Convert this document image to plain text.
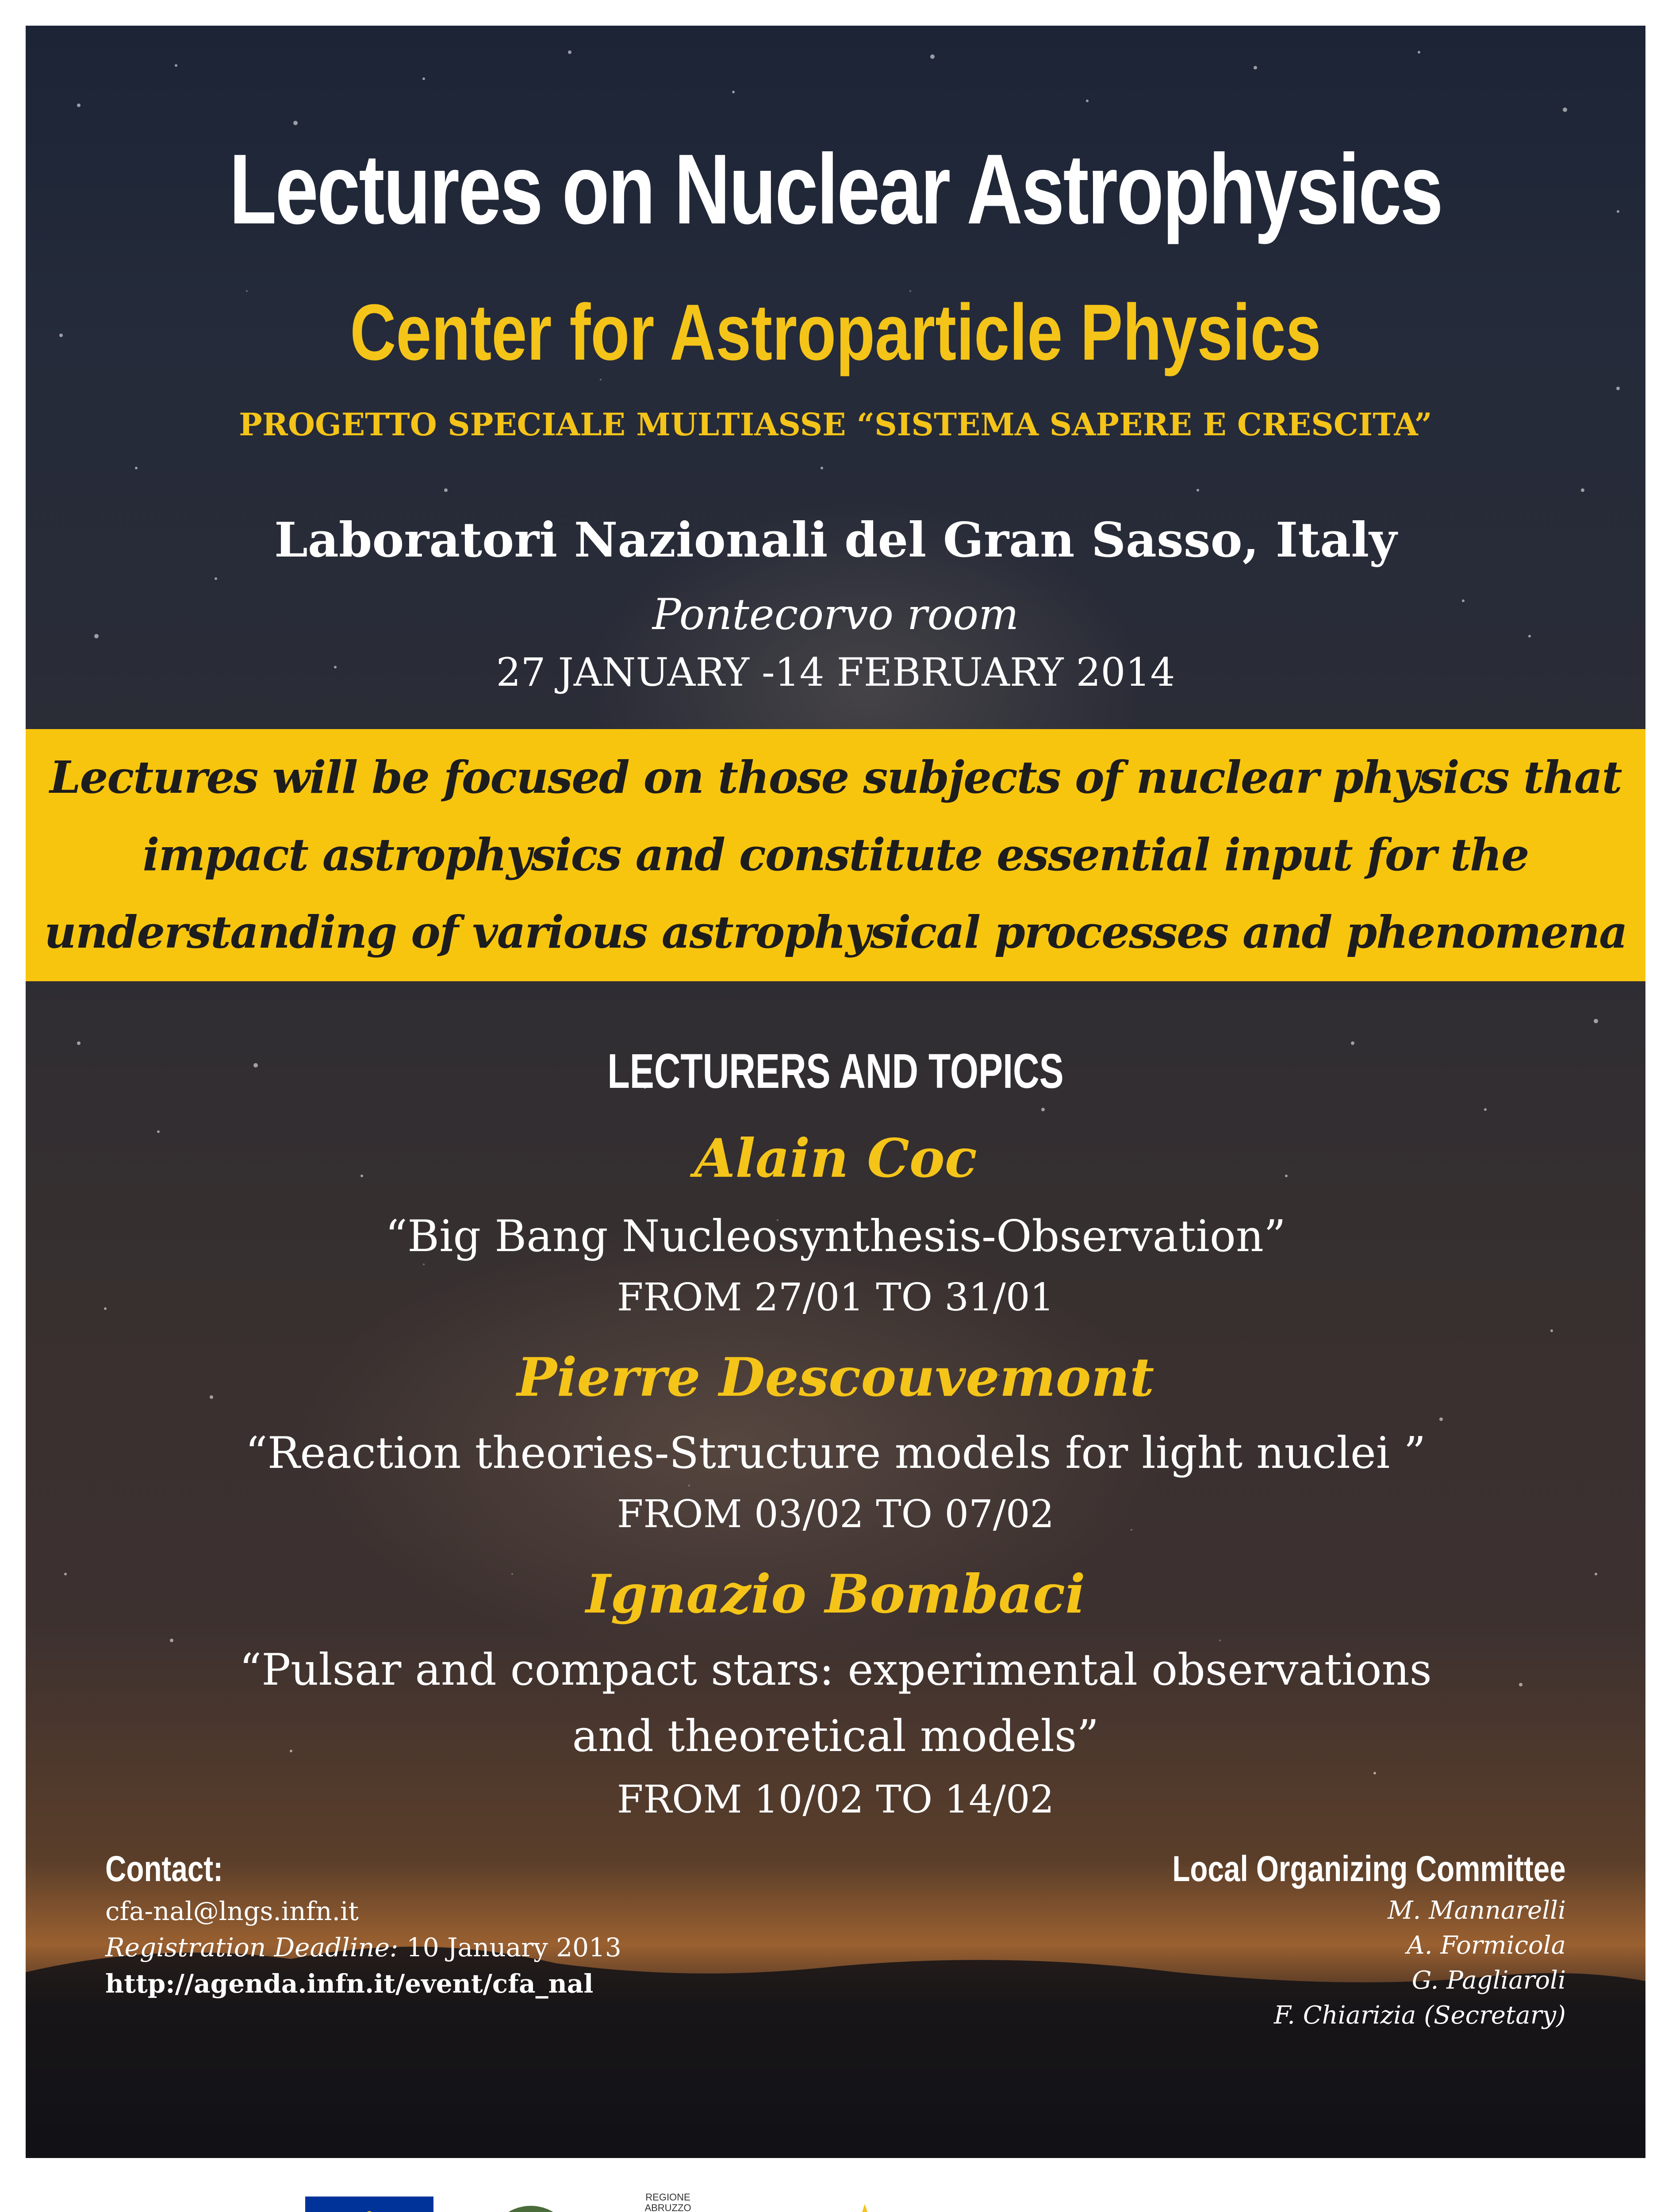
Lectures on Nuclear Astrophysics
Center for Astroparticle Physics
PROGETTO SPECIALE MULTIASSE “SISTEMA SAPERE E CRESCITA”
Laboratori Nazionali del Gran Sasso, Italy
Pontecorvo room
27 JANUARY -14 FEBRUARY 2014
Lectures will be focused on those subjects of nuclear physics that
impact astrophysics and constitute essential input for the
understanding of various astrophysical processes and phenomena
LECTURERS AND TOPICS
Alain Coc
“Big Bang Nucleosynthesis-Observation”
FROM 27/01 TO 31/01
Pierre Descouvemont
“Reaction theories-Structure models for light nuclei ”
FROM 03/02 TO 07/02
Ignazio Bombaci
“Pulsar and compact stars: experimental observations
and theoretical models”
FROM 10/02 TO 14/02
Contact:
cfa-nal@lngs.infn.it
Registration Deadline: 10 January 2013
http://agenda.infn.it/event/cfa_nal
Local Organizing Committee
M. Mannarelli
A. Formicola
G. Pagliaroli
F. Chiarizia (Secretary)
REGIONE
ABRUZZO
